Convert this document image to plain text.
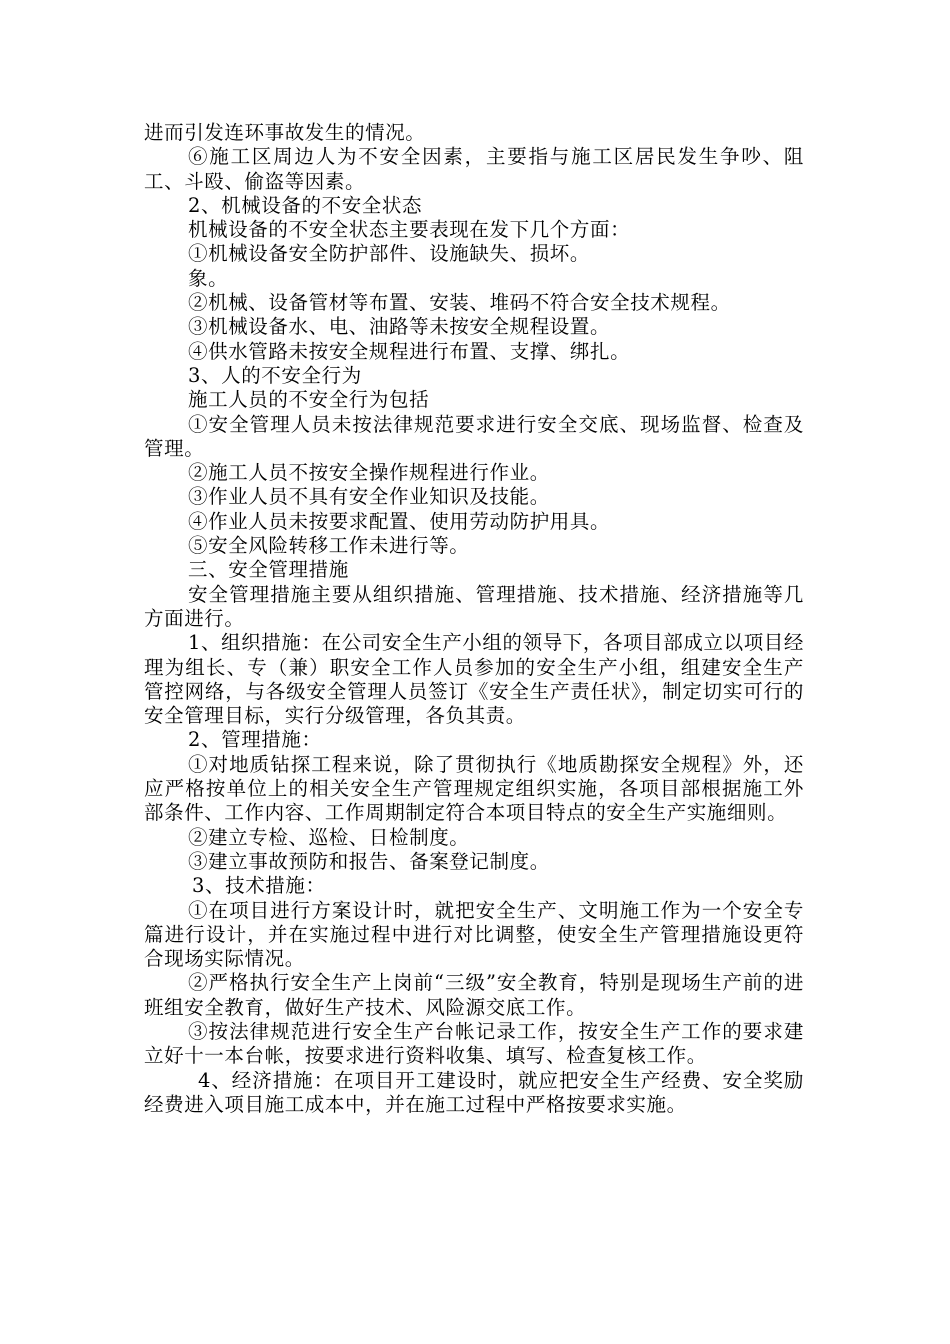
进而引发连环事故发生的情况。

⑥施工区周边人为不安全因素，主要指与施工区居民发生争吵、阻工、斗殴、偷盗等因素。

2、机械设备的不安全状态

机械设备的不安全状态主要表现在发下几个方面：

①机械设备安全防护部件、设施缺失、损坏。

象。

②机械、设备管材等布置、安装、堆码不符合安全技术规程。

③机械设备水、电、油路等未按安全规程设置。

④供水管路未按安全规程进行布置、支撑、绑扎。

3、人的不安全行为

施工人员的不安全行为包括

①安全管理人员未按法律规范要求进行安全交底、现场监督、检查及管理。

②施工人员不按安全操作规程进行作业。

③作业人员不具有安全作业知识及技能。

④作业人员未按要求配置、使用劳动防护用具。

⑤安全风险转移工作未进行等。

三、安全管理措施

安全管理措施主要从组织措施、管理措施、技术措施、经济措施等几方面进行。

1、组织措施：在公司安全生产小组的领导下，各项目部成立以项目经理为组长、专（兼）职安全工作人员参加的安全生产小组，组建安全生产管控网络，与各级安全管理人员签订《安全生产责任状》，制定切实可行的安全管理目标，实行分级管理，各负其责。

2、管理措施：

①对地质钻探工程来说，除了贯彻执行《地质勘探安全规程》外，还应严格按单位上的相关安全生产管理规定组织实施，各项目部根据施工外部条件、工作内容、工作周期制定符合本项目特点的安全生产实施细则。

②建立专检、巡检、日检制度。

③建立事故预防和报告、备案登记制度。

3、技术措施：

①在项目进行方案设计时，就把安全生产、文明施工作为一个安全专篇进行设计，并在实施过程中进行对比调整，使安全生产管理措施设更符合现场实际情况。

②严格执行安全生产上岗前“三级”安全教育，特别是现场生产前的进班组安全教育，做好生产技术、风险源交底工作。

③按法律规范进行安全生产台帐记录工作，按安全生产工作的要求建立好十一本台帐，按要求进行资料收集、填写、检查复核工作。

4、经济措施：在项目开工建设时，就应把安全生产经费、安全奖励经费进入项目施工成本中，并在施工过程中严格按要求实施。
